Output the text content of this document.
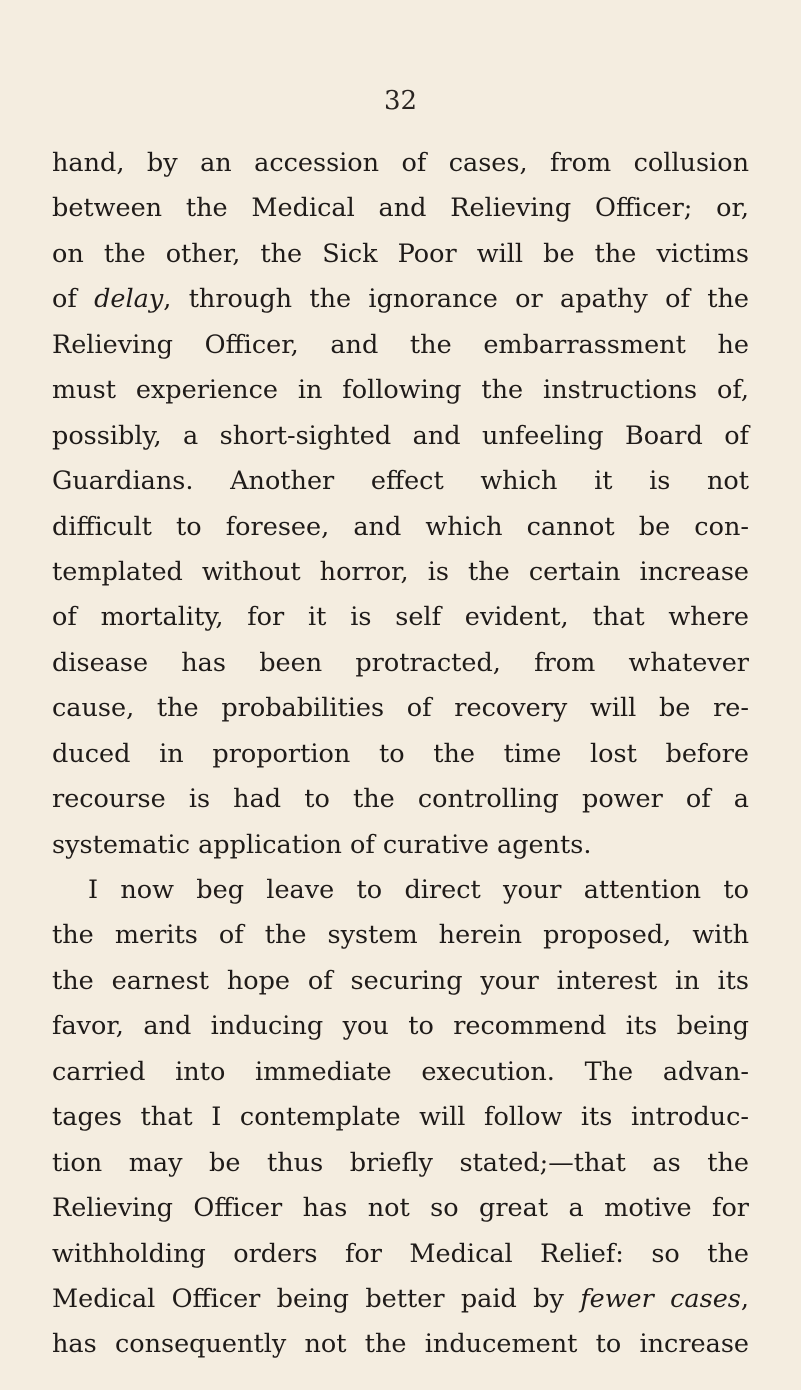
32
hand, by an accession of cases, from collusion
between the Medical and Relieving Officer; or,
on the other, the Sick Poor will be the victims
of delay, through the ignorance or apathy of the
Relieving Officer, and the embarrassment he
must experience in following the instructions of,
possibly, a short-sighted and unfeeling Board of
Guardians. Another effect which it is not
difficult to foresee, and which cannot be con-
templated without horror, is the certain increase
of mortality, for it is self evident, that where
disease has been protracted, from whatever
cause, the probabilities of recovery will be re-
duced in proportion to the time lost before
recourse is had to the controlling power of a
systematic application of curative agents.
I now beg leave to direct your attention to
the merits of the system herein proposed, with
the earnest hope of securing your interest in its
favor, and inducing you to recommend its being
carried into immediate execution. The advan-
tages that I contemplate will follow its introduc-
tion may be thus briefly stated;—that as the
Relieving Officer has not so great a motive for
withholding orders for Medical Relief: so the
Medical Officer being better paid by fewer cases,
has consequently not the inducement to increase
